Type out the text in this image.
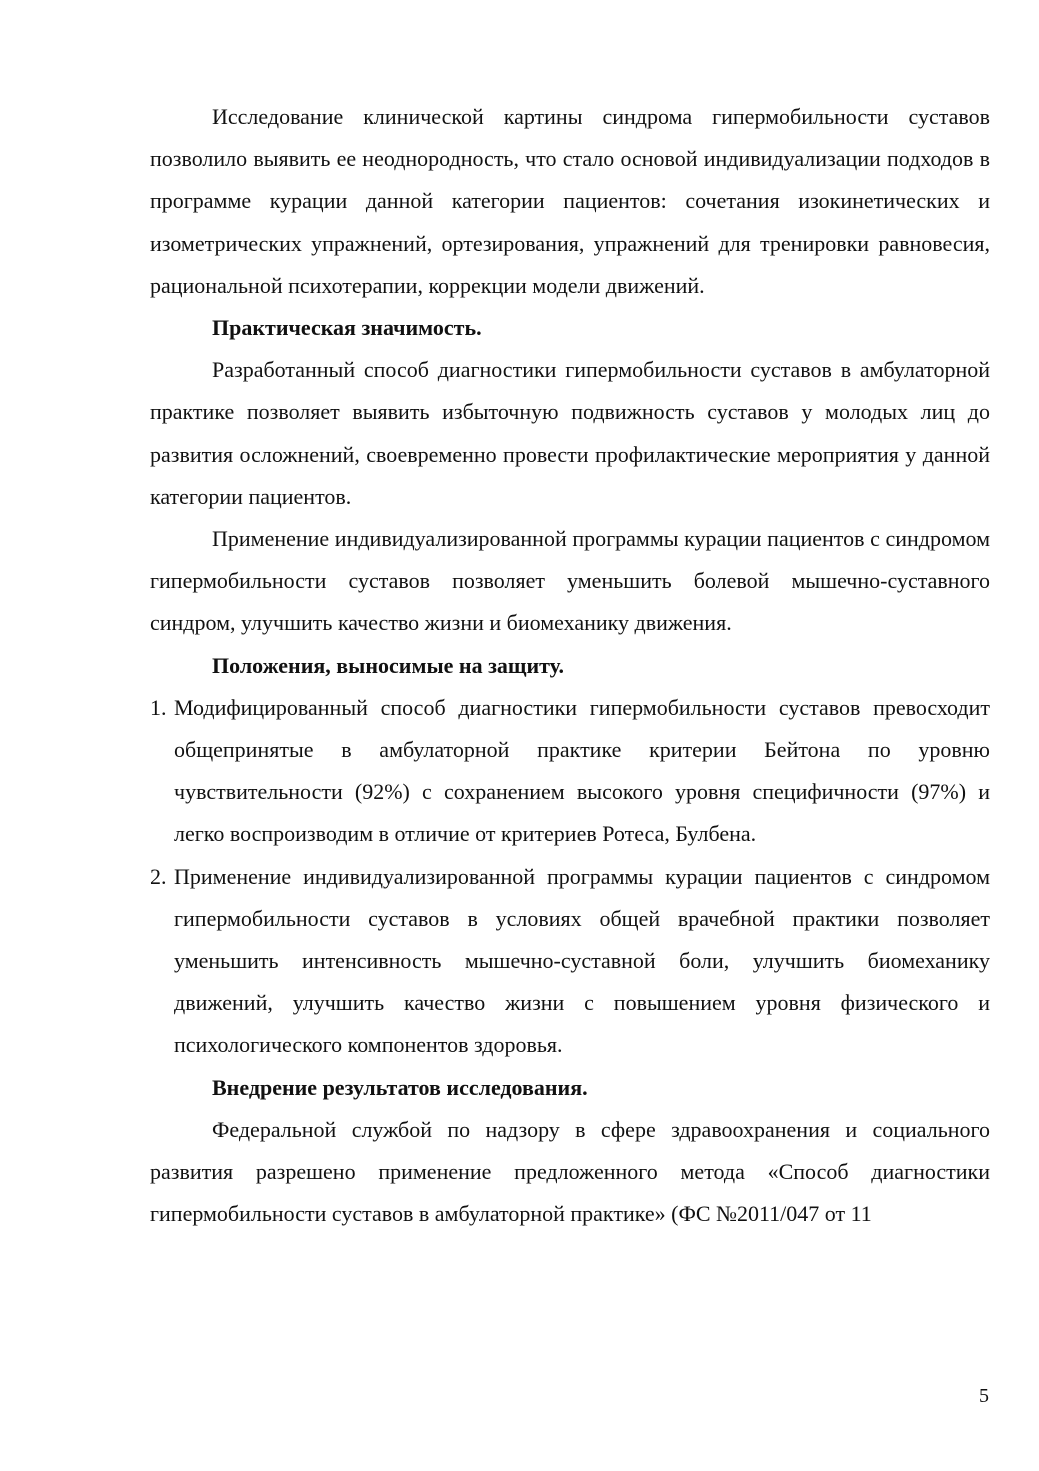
Исследование клинической картины синдрома гипермобильности суставов позволило выявить ее неоднородность, что стало основой индивидуализации подходов в программе курации данной категории пациентов: сочетания изокинетических и изометрических упражнений, ортезирования, упражнений для тренировки равновесия, рациональной психотерапии, коррекции модели движений.

Практическая значимость.

Разработанный способ диагностики гипермобильности суставов в амбулаторной практике позволяет выявить избыточную подвижность суставов у молодых лиц до развития осложнений, своевременно провести профилактические мероприятия у данной категории пациентов.

Применение индивидуализированной программы курации пациентов с синдромом гипермобильности суставов позволяет уменьшить болевой мышечно-суставного синдром, улучшить качество жизни и биомеханику движения.

Положения, выносимые на защиту.

1. Модифицированный способ диагностики гипермобильности суставов превосходит общепринятые в амбулаторной практике критерии Бейтона по уровню чувствительности (92%) с сохранением высокого уровня специфичности (97%) и легко воспроизводим в отличие от критериев Ротеса, Булбена.
2. Применение индивидуализированной программы курации пациентов с синдромом гипермобильности суставов в условиях общей врачебной практики позволяет уменьшить интенсивность мышечно-суставной боли, улучшить биомеханику движений, улучшить качество жизни с повышением уровня физического и психологического компонентов здоровья.

Внедрение результатов исследования.

Федеральной службой по надзору в сфере здравоохранения и социального развития разрешено применение предложенного метода «Способ диагностики гипермобильности суставов в амбулаторной практике» (ФС №2011/047 от 11

5
